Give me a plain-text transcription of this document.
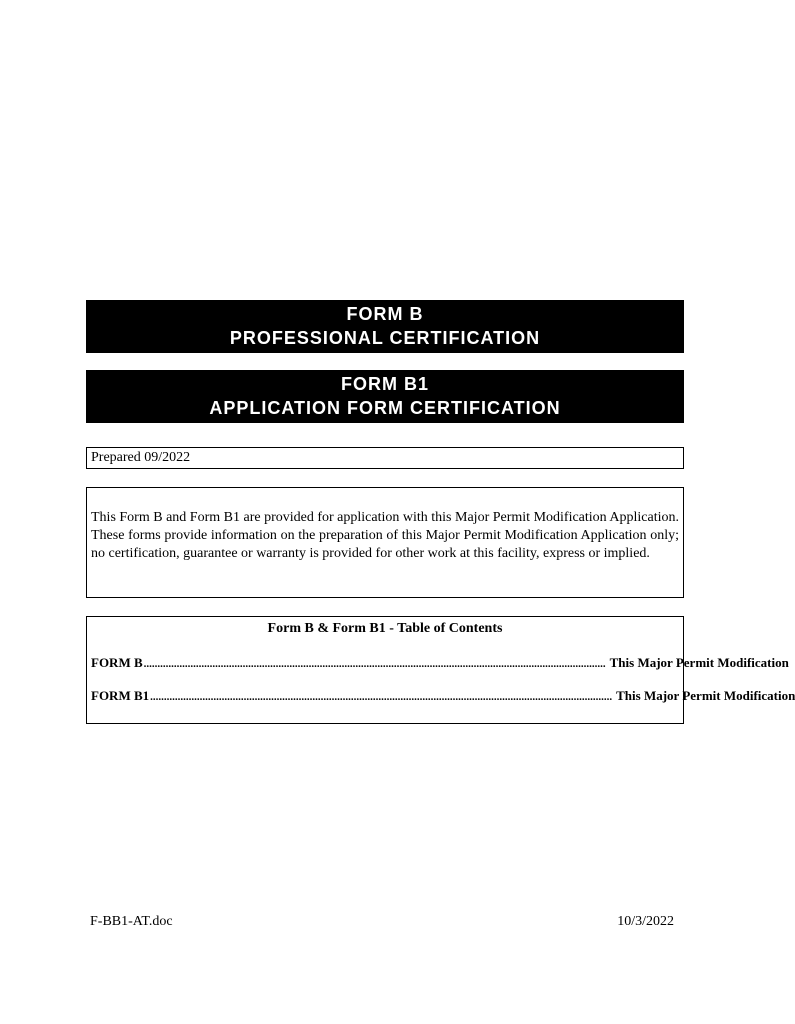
FORM B
PROFESSIONAL CERTIFICATION
FORM B1
APPLICATION FORM CERTIFICATION
Prepared 09/2022
This Form B and Form B1 are provided for application with this Major Permit Modification Application. These forms provide information on the preparation of this Major Permit Modification Application only; no certification, guarantee or warranty is provided for other work at this facility, express or implied.
Form B & Form B1 - Table of Contents
FORM B ........................................................................................................................................................................ This Major Permit Modification
FORM B1 ........................................................................................................................................................................ This Major Permit Modification
F-BB1-AT.doc	10/3/2022
